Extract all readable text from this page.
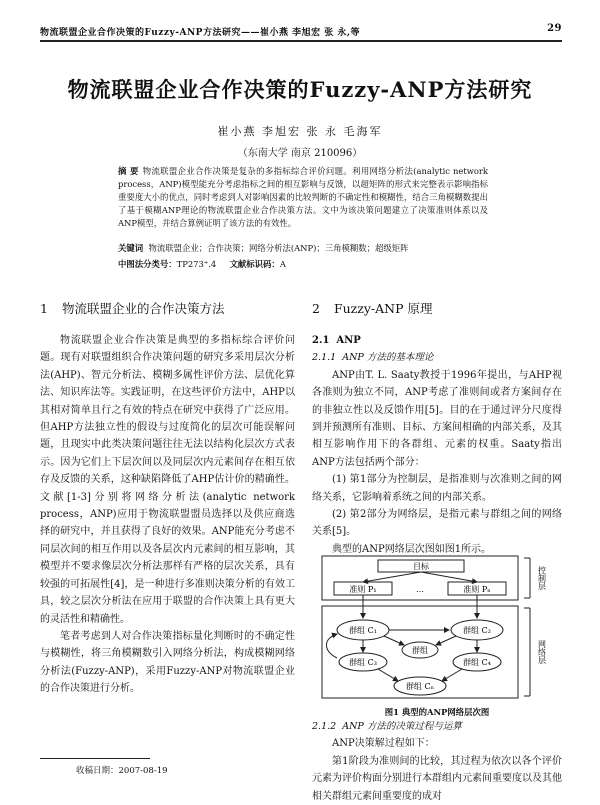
物流联盟企业合作决策的Fuzzy-ANP方法研究——崔小燕 李旭宏 张 永,等	29
物流联盟企业合作决策的Fuzzy-ANP方法研究
崔小燕 李旭宏 张 永 毛海军
（东南大学 南京 210096）
摘 要 物流联盟企业合作决策是复杂的多指标综合评价问题。利用网络分析法(analytic network process，ANP)模型能充分考虑指标之间的相互影响与反馈，以超矩阵的形式来完整表示影响指标重要度大小的优点，同时考虑到人对影响因素的比较判断的不确定性和模糊性，结合三角模糊数提出了基于模糊ANP理论的物流联盟企业合作决策方法。文中为该决策问题建立了决策准则体系以及ANP模型，并结合算例证明了该方法的有效性。
关键词 物流联盟企业；合作决策；网络分析法(ANP)；三角模糊数；超级矩阵
中图法分类号：TP273⁺.4 文献标识码：A
1 物流联盟企业的合作决策方法

物流联盟企业合作决策是典型的多指标综合评价问题。现有对联盟组织合作决策问题的研究多采用层次分析法(AHP)、智元分析法、模糊多属性评价方法、层优化算法、知识库法等。实践证明，在这些评价方法中，AHP以其相对简单且行之有效的特点在研究中获得了广泛应用。但AHP方法独立性的假设与过度简化的层次可能误解问题，且现实中此类决策问题往往无法以结构化层次方式表示。因为它们上下层次间以及同层次内元素间存在相互依存及反馈的关系，这种缺陷降低了AHP估计价的精确性。文献[1-3]分别将网络分析法(analytic network process，ANP)应用于物流联盟盟员选择以及供应商选择的研究中，并且获得了良好的效果。ANP能充分考虑不同层次间的相互作用以及各层次内元素间的相互影响，其模型并不要求像层次分析法那样有严格的层次关系，具有较强的可拓展性[4]，是一种进行多准则决策分析的有效工具，较之层次分析法在应用于联盟的合作决策上具有更大的灵活性和精确性。

笔者考虑到人对合作决策指标量化判断时的不确定性与模糊性，将三角模糊数引入网络分析法，构成模糊网络分析法(Fuzzy-ANP)，采用Fuzzy-ANP对物流联盟企业的合作决策进行分析。

2 Fuzzy-ANP 原理

2.1 ANP

2.1.1 ANP 方法的基本理论

ANP由T. L. Saaty教授于1996年提出，与AHP视各准则为独立不同，ANP考虑了准则间或者方案间存在的非独立性以及反馈作用[5]。目的在于通过评分尺度得到并预测所有准则、目标、方案间相确的内部关系，及其相互影响作用下的各群组、元素的权重。Saaty指出ANP方法包括两个部分：

(1) 第1部分为控制层，是指准则与次准则之间的网络关系，它影响着系统之间的内部关系。

(2) 第2部分为网络层，是指元素与群组之间的网络关系[5]。

典型的ANP网络层次图如图1所示。

目标
准则 P₁	准则 Pₙ
…
群组 C₁	群组 C₂
群组 C₃	群组 C₄
群组 Cₙ
群组
控制层
网络层
图1 典型的ANP网络层次图

2.1.2 ANP 方法的决策过程与运算

ANP决策解过程如下：

第1阶段为准则间的比较，其过程为依次以各个评价元素为评价构面分别进行本群组内元素间重要度以及其他相关群组元素间重要度的成对

收稿日期：2007-08-19
